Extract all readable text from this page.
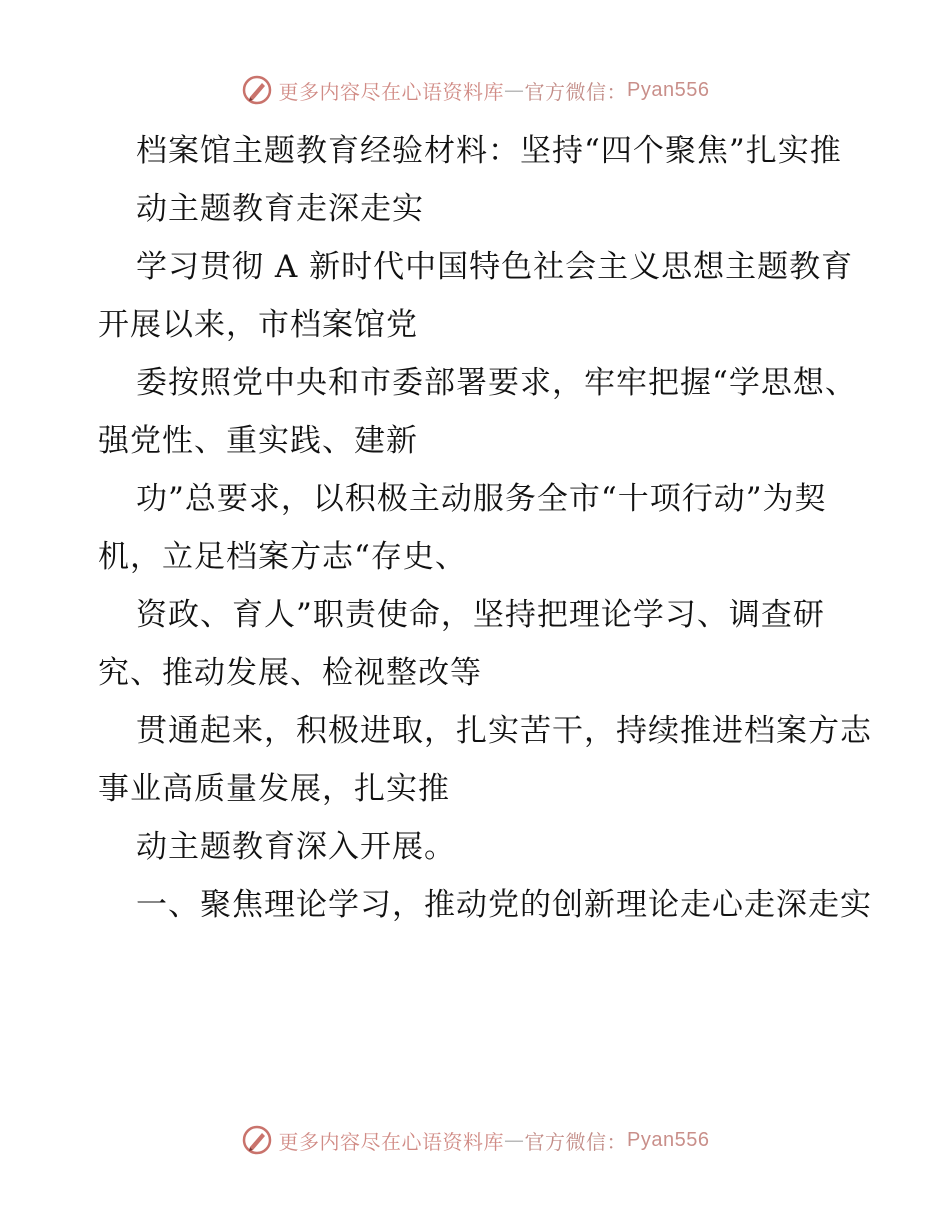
更多内容尽在心语资料库 — 官方微信： Pyan556

档案馆主题教育经验材料：坚持“四个聚焦”扎实推

动主题教育走深走实

学习贯彻 A 新时代中国特色社会主义思想主题教育开展以来，市档案馆党

委按照党中央和市委部署要求，牢牢把握“学思想、强党性、重实践、建新

功”总要求，以积极主动服务全市“十项行动”为契机，立足档案方志“存史、

资政、育人”职责使命，坚持把理论学习、调查研究、推动发展、检视整改等

贯通起来，积极进取，扎实苦干，持续推进档案方志事业高质量发展，扎实推

动主题教育深入开展。

一、聚焦理论学习，推动党的创新理论走心走深走实

更多内容尽在心语资料库 — 官方微信： Pyan556
